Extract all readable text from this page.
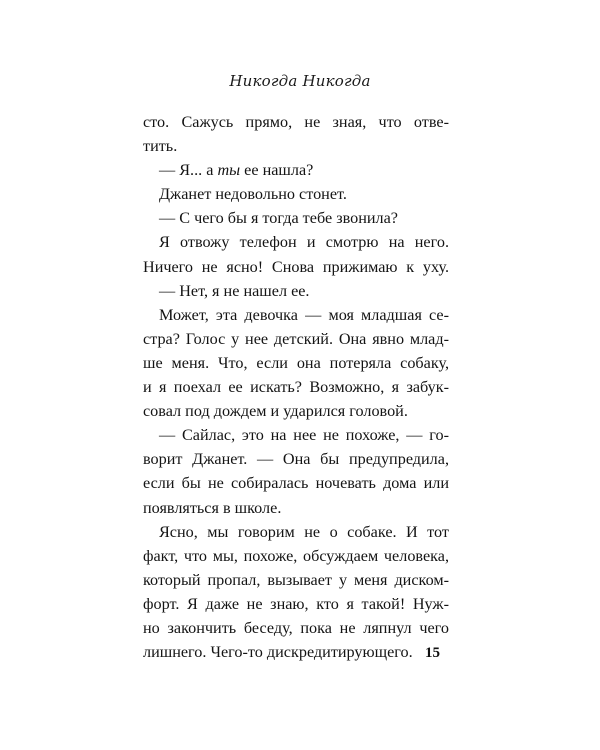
Никогда Никогда
сто. Сажусь прямо, не зная, что отве-
тить.
— Я... а ты ее нашла?
Джанет недовольно стонет.
— С чего бы я тогда тебе звонила?
Я отвожу телефон и смотрю на него.
Ничего не ясно! Снова прижимаю к уху.
— Нет, я не нашел ее.
Может, эта девочка — моя младшая се-
стра? Голос у нее детский. Она явно млад-
ше меня. Что, если она потеряла собаку,
и я поехал ее искать? Возможно, я забук-
совал под дождем и ударился головой.
— Сайлас, это на нее не похоже, — го-
ворит Джанет. — Она бы предупредила,
если бы не собиралась ночевать дома или
появляться в школе.
Ясно, мы говорим не о собаке. И тот
факт, что мы, похоже, обсуждаем человека,
который пропал, вызывает у меня диском-
форт. Я даже не знаю, кто я такой! Нуж-
но закончить беседу, пока не ляпнул чего
лишнего. Чего-то дискредитирующего. 15
